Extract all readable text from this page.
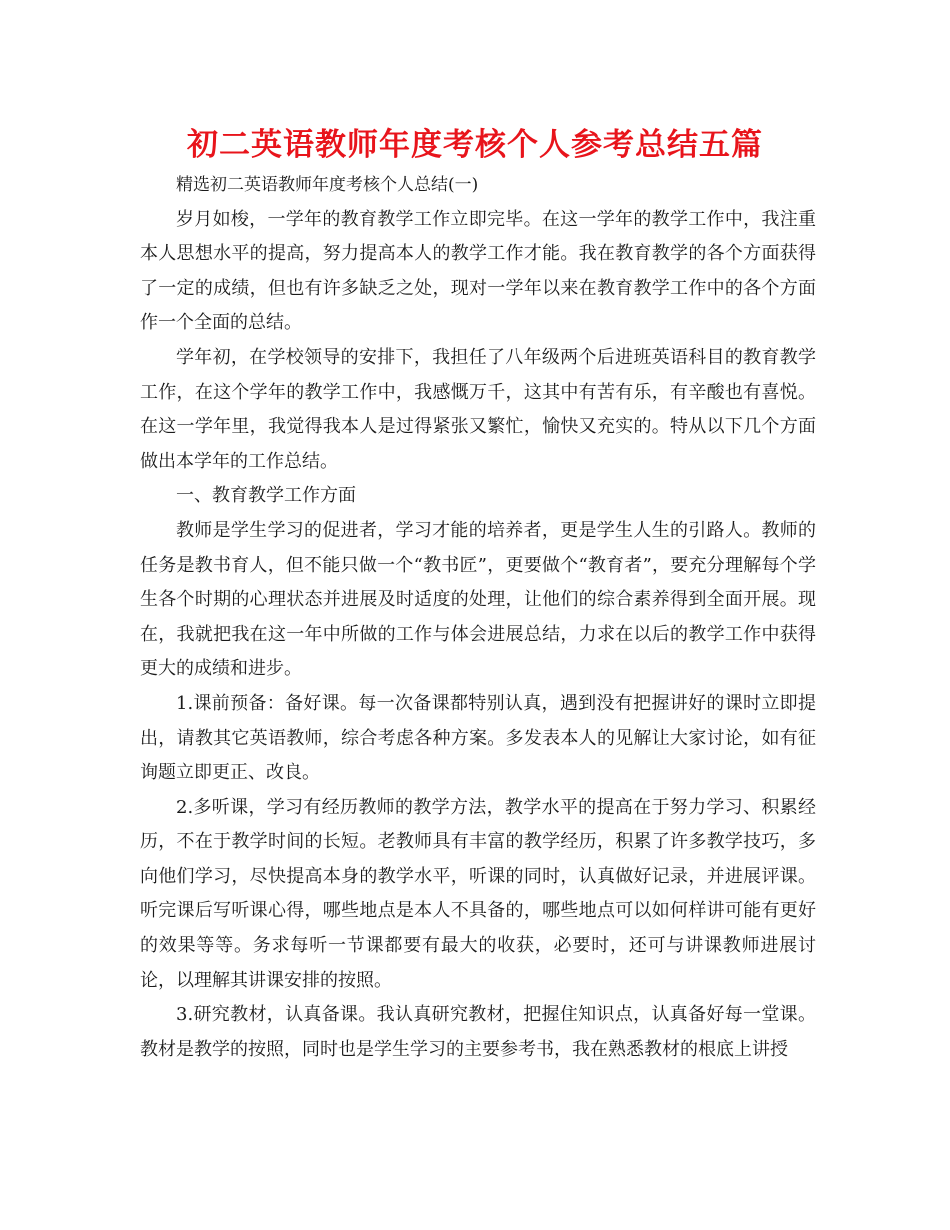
初二英语教师年度考核个人参考总结五篇

精选初二英语教师年度考核个人总结(一)

岁月如梭，一学年的教育教学工作立即完毕。在这一学年的教学工作中，我注重本人思想水平的提高，努力提高本人的教学工作才能。我在教育教学的各个方面获得了一定的成绩，但也有许多缺乏之处，现对一学年以来在教育教学工作中的各个方面作一个全面的总结。

学年初，在学校领导的安排下，我担任了八年级两个后进班英语科目的教育教学工作，在这个学年的教学工作中，我感慨万千，这其中有苦有乐，有辛酸也有喜悦。在这一学年里，我觉得我本人是过得紧张又繁忙，愉快又充实的。特从以下几个方面做出本学年的工作总结。

一、教育教学工作方面

教师是学生学习的促进者，学习才能的培养者，更是学生人生的引路人。教师的任务是教书育人，但不能只做一个“教书匠”，更要做个“教育者”，要充分理解每个学生各个时期的心理状态并进展及时适度的处理，让他们的综合素养得到全面开展。现在，我就把我在这一年中所做的工作与体会进展总结，力求在以后的教学工作中获得更大的成绩和进步。

1.课前预备：备好课。每一次备课都特别认真，遇到没有把握讲好的课时立即提出，请教其它英语教师，综合考虑各种方案。多发表本人的见解让大家讨论，如有征询题立即更正、改良。

2.多听课，学习有经历教师的教学方法，教学水平的提高在于努力学习、积累经历，不在于教学时间的长短。老教师具有丰富的教学经历，积累了许多教学技巧，多向他们学习，尽快提高本身的教学水平，听课的同时，认真做好记录，并进展评课。听完课后写听课心得，哪些地点是本人不具备的，哪些地点可以如何样讲可能有更好的效果等等。务求每听一节课都要有最大的收获，必要时，还可与讲课教师进展讨论，以理解其讲课安排的按照。

3.研究教材，认真备课。我认真研究教材，把握住知识点，认真备好每一堂课。教材是教学的按照，同时也是学生学习的主要参考书，我在熟悉教材的根底上讲授
